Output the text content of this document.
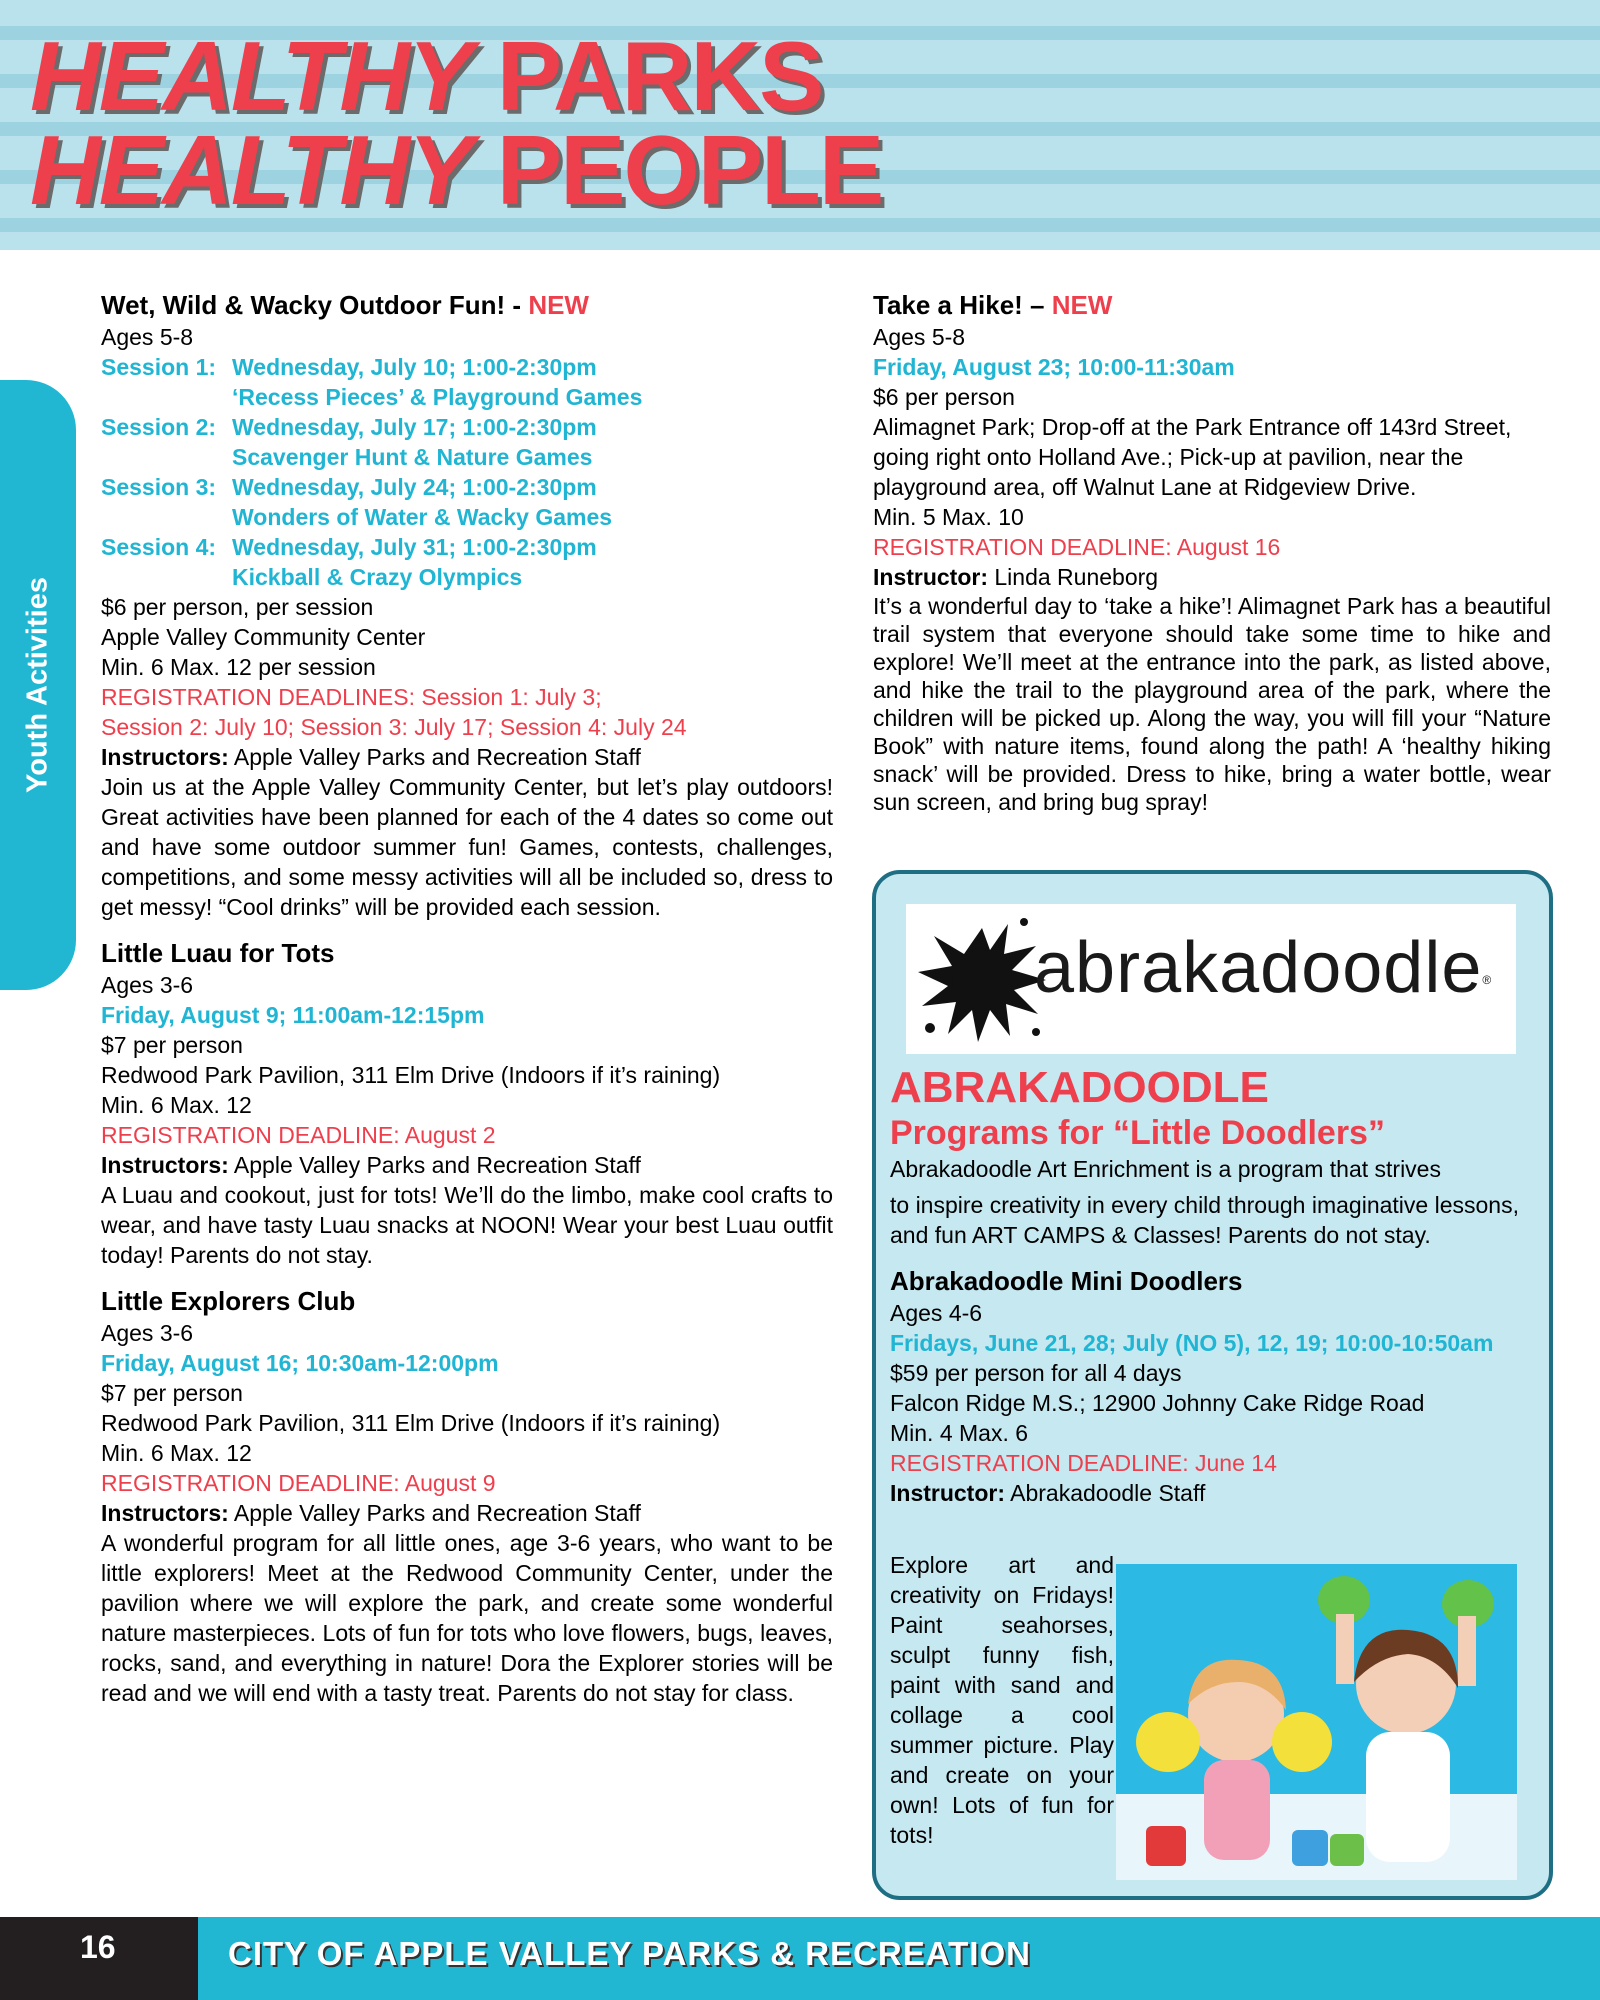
HEALTHY PARKS
HEALTHY PEOPLE
Youth Activities

Wet, Wild & Wacky Outdoor Fun! - NEW

Ages 5-8

Session 1: Wednesday, July 10; 1:00-2:30pm
‘Recess Pieces’ & Playground Games
Session 2: Wednesday, July 17; 1:00-2:30pm
Scavenger Hunt & Nature Games
Session 3: Wednesday, July 24; 1:00-2:30pm
Wonders of Water & Wacky Games
Session 4: Wednesday, July 31; 1:00-2:30pm
Kickball & Crazy Olympics

$6 per person, per session

Apple Valley Community Center

Min. 6 Max. 12 per session

REGISTRATION DEADLINES: Session 1: July 3;

Session 2: July 10; Session 3: July 17; Session 4: July 24

Instructors: Apple Valley Parks and Recreation Staff

Join us at the Apple Valley Community Center, but let’s play outdoors! Great activities have been planned for each of the 4 dates so come out and have some outdoor summer fun! Games, contests, challenges, competitions, and some messy activities will all be included so, dress to get messy! “Cool drinks” will be provided each session.

Little Luau for Tots

Ages 3-6

Friday, August 9; 11:00am-12:15pm

$7 per person

Redwood Park Pavilion, 311 Elm Drive (Indoors if it’s raining)

Min. 6 Max. 12

REGISTRATION DEADLINE: August 2

Instructors: Apple Valley Parks and Recreation Staff

A Luau and cookout, just for tots! We’ll do the limbo, make cool crafts to wear, and have tasty Luau snacks at NOON! Wear your best Luau outfit today! Parents do not stay.

Little Explorers Club

Ages 3-6

Friday, August 16; 10:30am-12:00pm

$7 per person

Redwood Park Pavilion, 311 Elm Drive (Indoors if it’s raining)

Min. 6 Max. 12

REGISTRATION DEADLINE: August 9

Instructors: Apple Valley Parks and Recreation Staff

A wonderful program for all little ones, age 3-6 years, who want to be little explorers! Meet at the Redwood Community Center, under the pavilion where we will explore the park, and create some wonderful nature masterpieces. Lots of fun for tots who love flowers, bugs, leaves, rocks, sand, and everything in nature! Dora the Explorer stories will be read and we will end with a tasty treat. Parents do not stay for class.

Take a Hike! – NEW

Ages 5-8

Friday, August 23; 10:00-11:30am

$6 per person

Alimagnet Park; Drop-off at the Park Entrance off 143rd Street, going right onto Holland Ave.; Pick-up at pavilion, near the playground area, off Walnut Lane at Ridgeview Drive.

Min. 5 Max. 10

REGISTRATION DEADLINE: August 16

Instructor: Linda Runeborg

It’s a wonderful day to ‘take a hike’! Alimagnet Park has a beautiful trail system that everyone should take some time to hike and explore! We’ll meet at the entrance into the park, as listed above, and hike the trail to the playground area of the park, where the children will be picked up. Along the way, you will fill your “Nature Book” with nature items, found along the path! A ‘healthy hiking snack’ will be provided. Dress to hike, bring a water bottle, wear sun screen, and bring bug spray!

abrakadoodle®

ABRAKADOODLE

Programs for “Little Doodlers”

Abrakadoodle Art Enrichment is a program that strives

to inspire creativity in every child through imaginative lessons, and fun ART CAMPS & Classes! Parents do not stay.

Abrakadoodle Mini Doodlers

Ages 4-6

Fridays, June 21, 28; July (NO 5), 12, 19; 10:00-10:50am

$59 per person for all 4 days

Falcon Ridge M.S.; 12900 Johnny Cake Ridge Road

Min. 4 Max. 6

REGISTRATION DEADLINE: June 14

Instructor: Abrakadoodle Staff

Explore art and creativity on Fridays! Paint seahorses, sculpt funny fish, paint with sand and collage a cool summer picture. Play and create on your own! Lots of fun for tots!
16	CITY OF APPLE VALLEY PARKS & RECREATION
